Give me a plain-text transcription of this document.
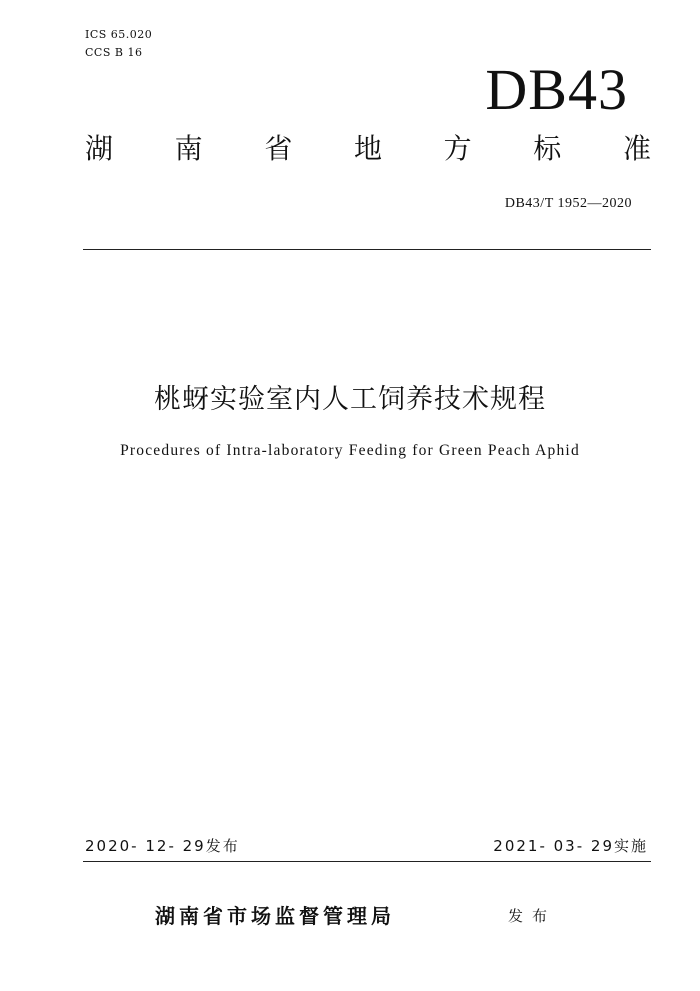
ICS 65.020
CCS B 16
DB43
湖 南 省 地 方 标 准
DB43/T 1952—2020
桃蚜实验室内人工饲养技术规程
Procedures of Intra-laboratory Feeding for Green Peach Aphid
2020- 12- 29发布	2021- 03- 29实施
湖南省市场监督管理局	发布
